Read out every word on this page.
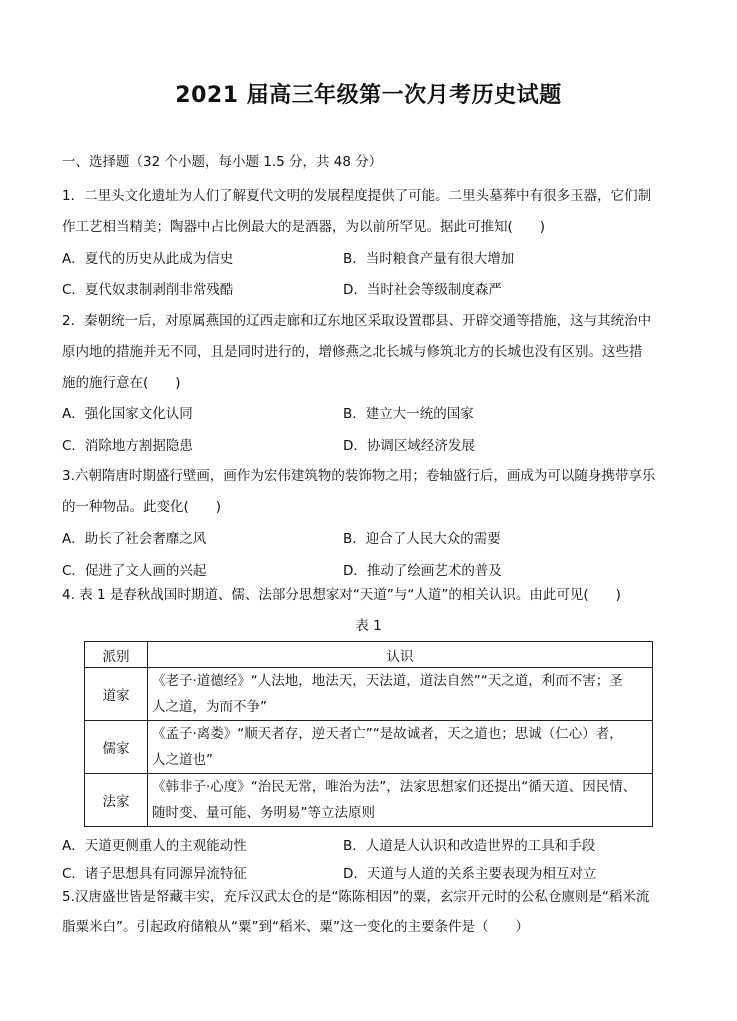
2021 届高三年级第一次月考历史试题
一、选择题（32 个小题，每小题 1.5 分，共 48 分）
1．二里头文化遗址为人们了解夏代文明的发展程度提供了可能。二里头墓葬中有很多玉器，它们制
作工艺相当精美；陶器中占比例最大的是酒器，为以前所罕见。据此可推知(　　)
A．夏代的历史从此成为信史	B．当时粮食产量有很大增加
C．夏代奴隶制剥削非常残酷	D．当时社会等级制度森严
2．秦朝统一后，对原属燕国的辽西走廊和辽东地区采取设置郡县、开辟交通等措施，这与其统治中
原内地的措施并无不同，且是同时进行的，增修燕之北长城与修筑北方的长城也没有区别。这些措
施的施行意在(　　)
A．强化国家文化认同	B．建立大一统的国家
C．消除地方割据隐患	D．协调区域经济发展
3.六朝隋唐时期盛行壁画，画作为宏伟建筑物的装饰物之用；卷轴盛行后，画成为可以随身携带享乐
的一种物品。此变化(　　)
A．助长了社会奢靡之风	B．迎合了人民大众的需要
C．促进了文人画的兴起	D．推动了绘画艺术的普及
4. 表 1 是春秋战国时期道、儒、法部分思想家对“天道”与“人道”的相关认识。由此可见(　　)
表 1
派别	认识
道家	《老子·道德经》“人法地，地法天，天法道，道法自然”“天之道，利而不害；圣
人之道，为而不争”

儒家	《孟子·离娄》“顺天者存，逆天者亡”“是故诚者，天之道也；思诚（仁心）者，
人之道也”

法家	《韩非子·心度》“治民无常，唯治为法”，法家思想家们还提出“循天道、因民情、
随时变、量可能、务明易”等立法原则
A．天道更侧重人的主观能动性	B．人道是人认识和改造世界的工具和手段
C．诸子思想具有同源异流特征	D．天道与人道的关系主要表现为相互对立
5.汉唐盛世皆是帑藏丰实，充斥汉武太仓的是“陈陈相因”的粟，玄宗开元时的公私仓廪则是“稻米流
脂粟米白”。引起政府储粮从“粟”到“稻米、粟”这一变化的主要条件是（　　）
